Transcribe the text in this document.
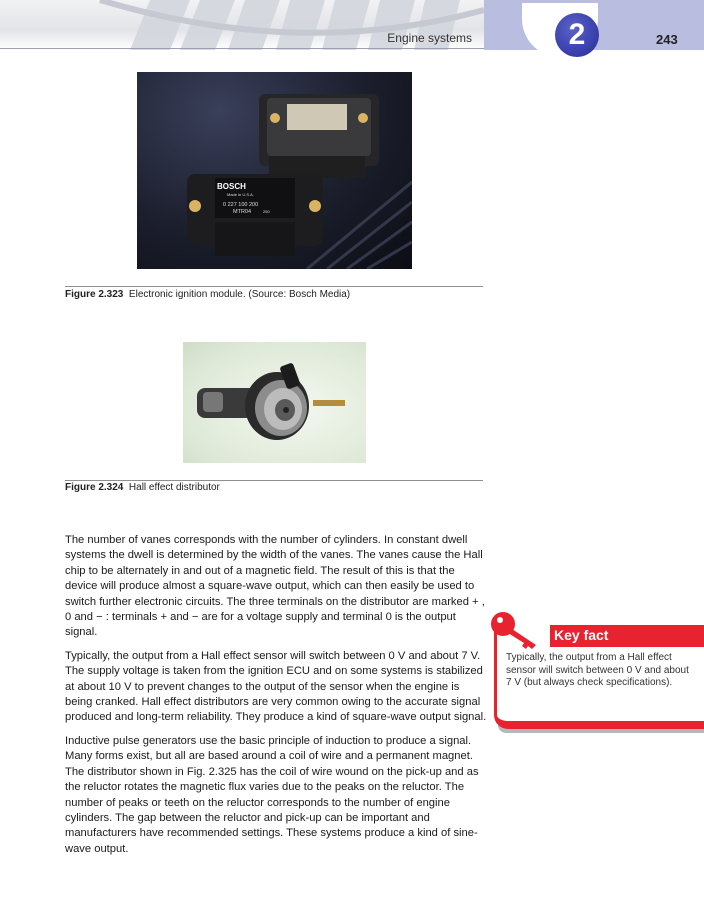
Engine systems	2	243
BOSCH
Made in U.S.A.
0 227 100 200
MTR04	250
Figure 2.323 Electronic ignition module. (Source: Bosch Media)
Figure 2.324 Hall effect distributor

The number of vanes corresponds with the number of cylinders. In constant dwell systems the dwell is determined by the width of the vanes. The vanes cause the Hall chip to be alternately in and out of a magnetic field. The result of this is that the device will produce almost a square-wave output, which can then easily be used to switch further electronic circuits. The three terminals on the distributor are marked + , 0 and − : terminals + and − are for a voltage supply and terminal 0 is the output signal.

Typically, the output from a Hall effect sensor will switch between 0 V and about 7 V. The supply voltage is taken from the ignition ECU and on some systems is stabilized at about 10 V to prevent changes to the output of the sensor when the engine is being cranked. Hall effect distributors are very common owing to the accurate signal produced and long-term reliability. They produce a kind of square-wave output signal.

Inductive pulse generators use the basic principle of induction to produce a signal. Many forms exist, but all are based around a coil of wire and a permanent magnet. The distributor shown in Fig. 2.325 has the coil of wire wound on the pick-up and as the reluctor rotates the magnetic flux varies due to the peaks on the reluctor. The number of peaks or teeth on the reluctor corresponds to the number of engine cylinders. The gap between the reluctor and pick-up can be important and manufacturers have recommended settings. These systems produce a kind of sine-wave output.

Key fact
Typically, the output from a Hall effect sensor will switch between 0 V and about 7 V (but always check specifications).
